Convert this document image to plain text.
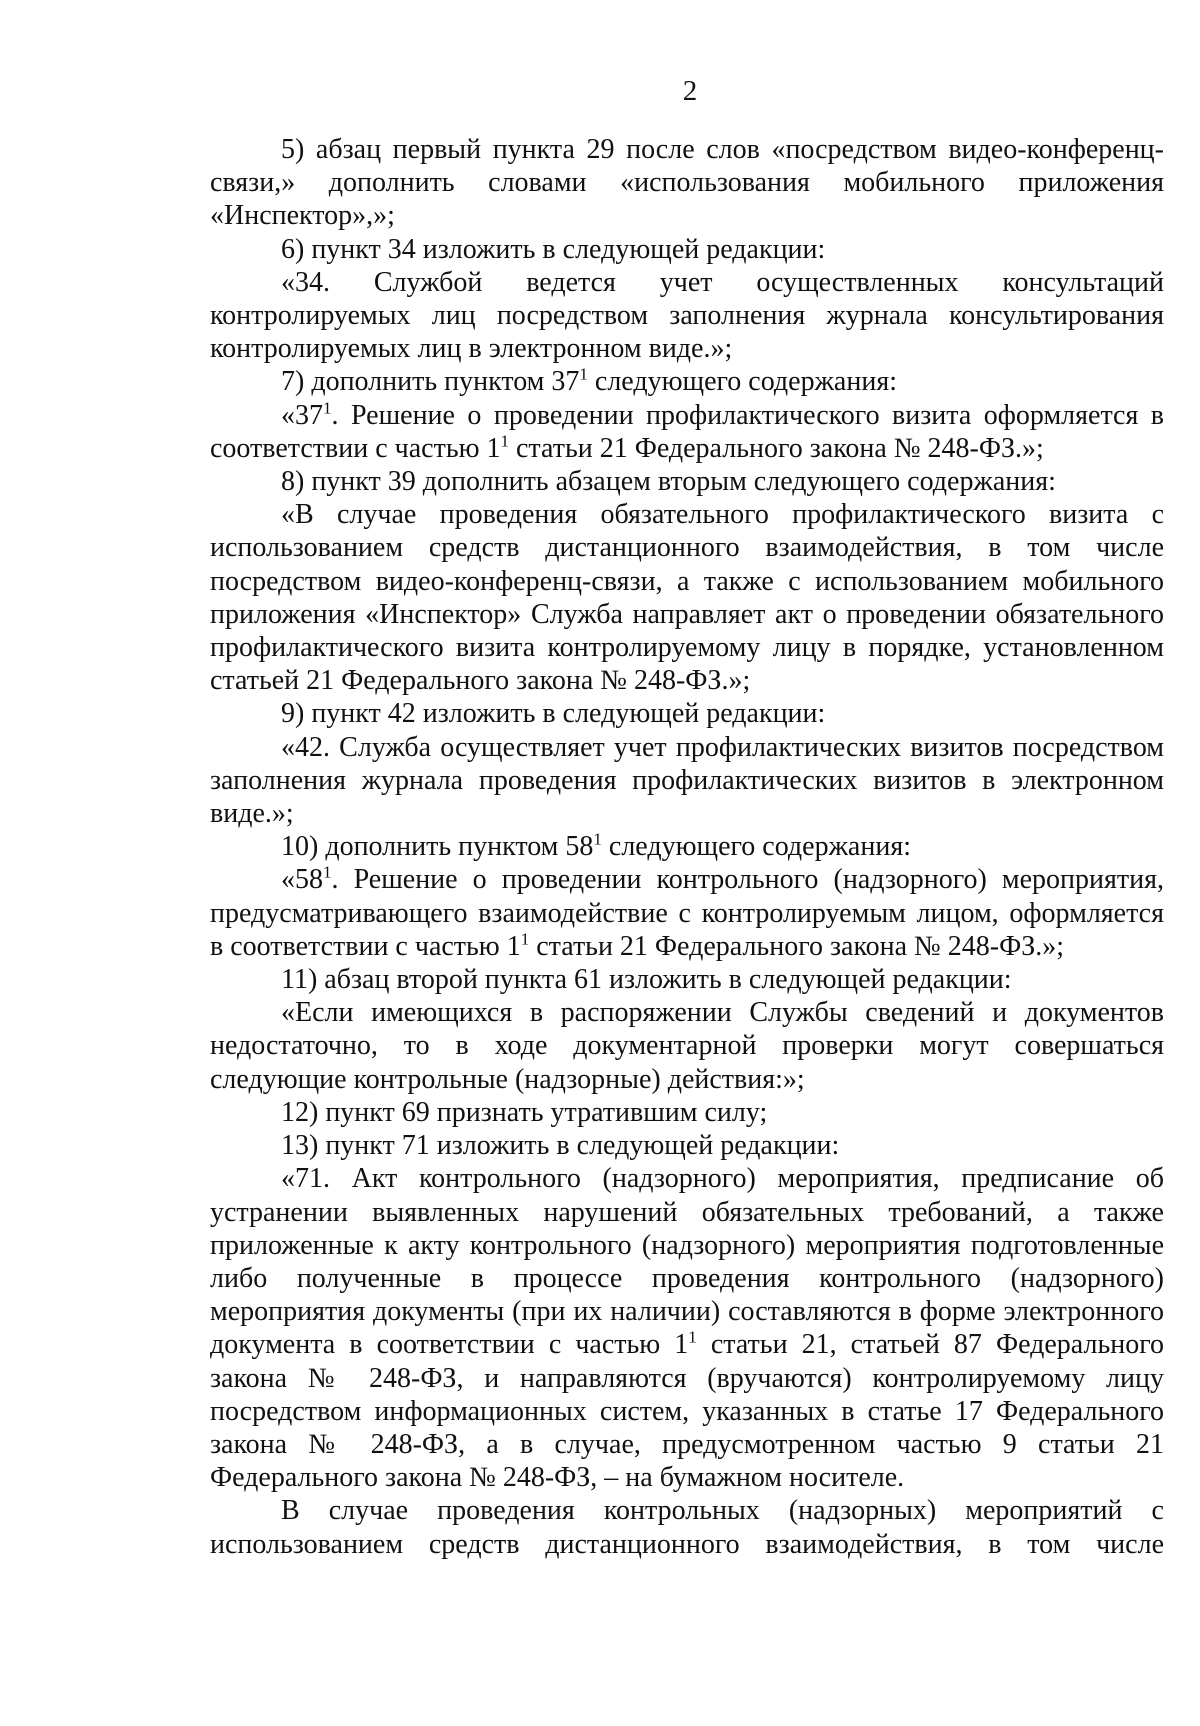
2

5) абзац первый пункта 29 после слов «посредством видео-конференц-связи,» дополнить словами «использования мобильного приложения «Инспектор»,»;

6) пункт 34 изложить в следующей редакции:

«34. Службой ведется учет осуществленных консультаций контролируемых лиц посредством заполнения журнала консультирования контролируемых лиц в электронном виде.»;

7) дополнить пунктом $37^1$ следующего содержания:

«$37^1$. Решение о проведении профилактического визита оформляется в соответствии с частью $1^1$ статьи 21 Федерального закона № 248-ФЗ.»;

8) пункт 39 дополнить абзацем вторым следующего содержания:

«В случае проведения обязательного профилактического визита с использованием средств дистанционного взаимодействия, в том числе посредством видео-конференц-связи, а также с использованием мобильного приложения «Инспектор» Служба направляет акт о проведении обязательного профилактического визита контролируемому лицу в порядке, установленном статьей 21 Федерального закона № 248-ФЗ.»;

9) пункт 42 изложить в следующей редакции:

«42. Служба осуществляет учет профилактических визитов посредством заполнения журнала проведения профилактических визитов в электронном виде.»;

10) дополнить пунктом $58^1$ следующего содержания:

«$58^1$. Решение о проведении контрольного (надзорного) мероприятия, предусматривающего взаимодействие с контролируемым лицом, оформляется в соответствии с частью $1^1$ статьи 21 Федерального закона № 248-ФЗ.»;

11) абзац второй пункта 61 изложить в следующей редакции:

«Если имеющихся в распоряжении Службы сведений и документов недостаточно, то в ходе документарной проверки могут совершаться следующие контрольные (надзорные) действия:»;

12) пункт 69 признать утратившим силу;

13) пункт 71 изложить в следующей редакции:

«71. Акт контрольного (надзорного) мероприятия, предписание об устранении выявленных нарушений обязательных требований, а также приложенные к акту контрольного (надзорного) мероприятия подготовленные либо полученные в процессе проведения контрольного (надзорного) мероприятия документы (при их наличии) составляются в форме электронного документа в соответствии с частью $1^1$ статьи 21, статьей 87 Федерального закона № 248-ФЗ, и направляются (вручаются) контролируемому лицу посредством информационных систем, указанных в статье 17 Федерального закона № 248-ФЗ, а в случае, предусмотренном частью 9 статьи 21 Федерального закона № 248-ФЗ, – на бумажном носителе.

В случае проведения контрольных (надзорных) мероприятий с использованием средств дистанционного взаимодействия, в том числе
